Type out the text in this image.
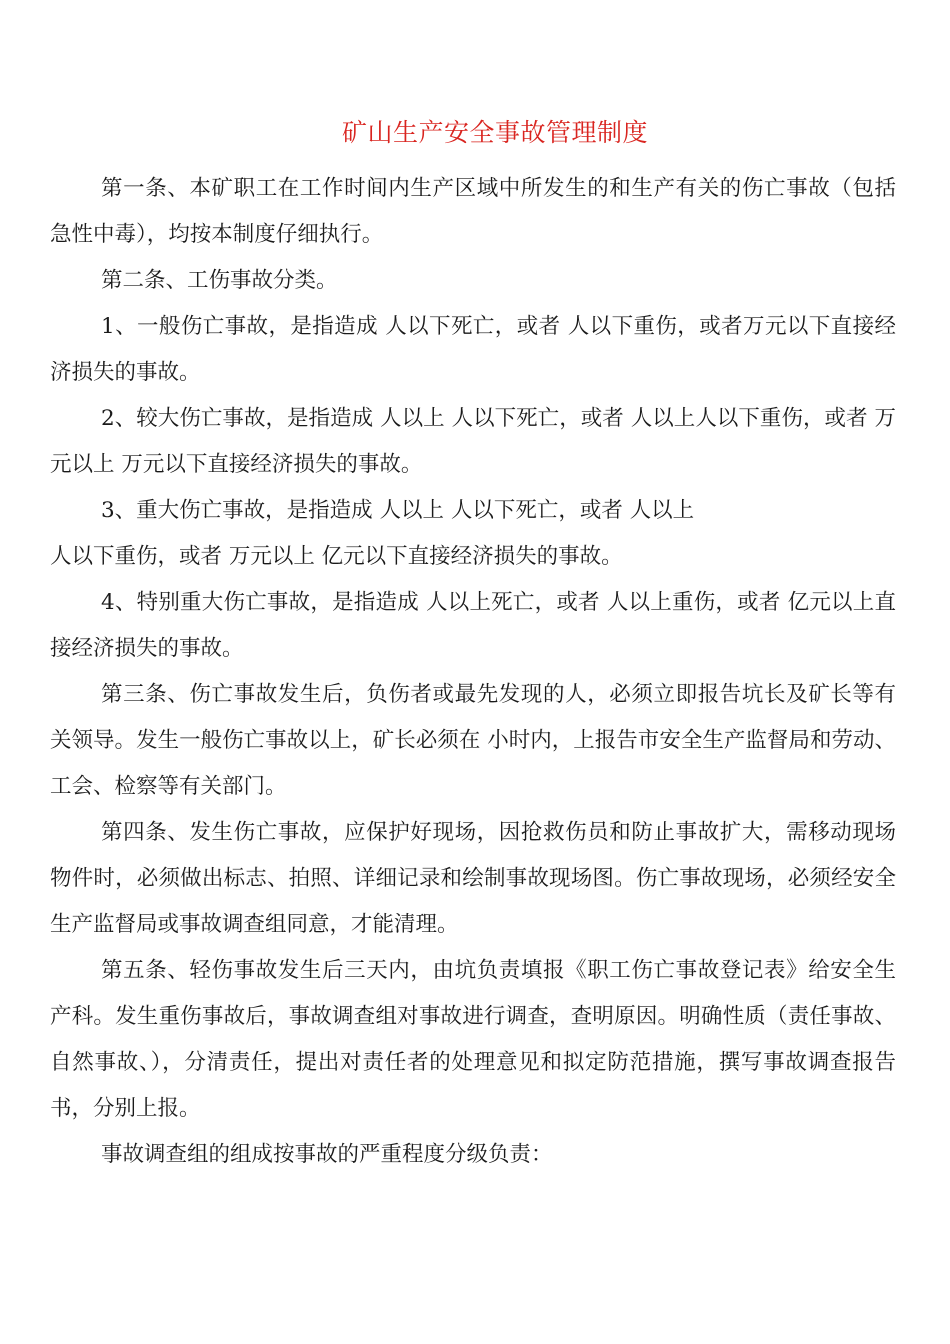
矿山生产安全事故管理制度

第一条、本矿职工在工作时间内生产区域中所发生的和生产有关的伤亡事故（包括急性中毒），均按本制度仔细执行。

第二条、工伤事故分类。

1、一般伤亡事故，是指造成 人以下死亡，或者 人以下重伤，或者万元以下直接经济损失的事故。

2、较大伤亡事故，是指造成 人以上 人以下死亡，或者 人以上人以下重伤，或者 万元以上 万元以下直接经济损失的事故。

3、重大伤亡事故，是指造成 人以上 人以下死亡，或者 人以上
人以下重伤，或者 万元以上 亿元以下直接经济损失的事故。

4、特别重大伤亡事故，是指造成 人以上死亡，或者 人以上重伤，或者 亿元以上直接经济损失的事故。

第三条、伤亡事故发生后，负伤者或最先发现的人，必须立即报告坑长及矿长等有关领导。发生一般伤亡事故以上，矿长必须在 小时内，上报告市安全生产监督局和劳动、工会、检察等有关部门。

第四条、发生伤亡事故，应保护好现场，因抢救伤员和防止事故扩大，需移动现场物件时，必须做出标志、拍照、详细记录和绘制事故现场图。伤亡事故现场，必须经安全生产监督局或事故调查组同意，才能清理。

第五条、轻伤事故发生后三天内，由坑负责填报《职工伤亡事故登记表》给安全生产科。发生重伤事故后，事故调查组对事故进行调查，查明原因。明确性质（责任事故、自然事故、），分清责任，提出对责任者的处理意见和拟定防范措施，撰写事故调查报告书，分别上报。

事故调查组的组成按事故的严重程度分级负责：
